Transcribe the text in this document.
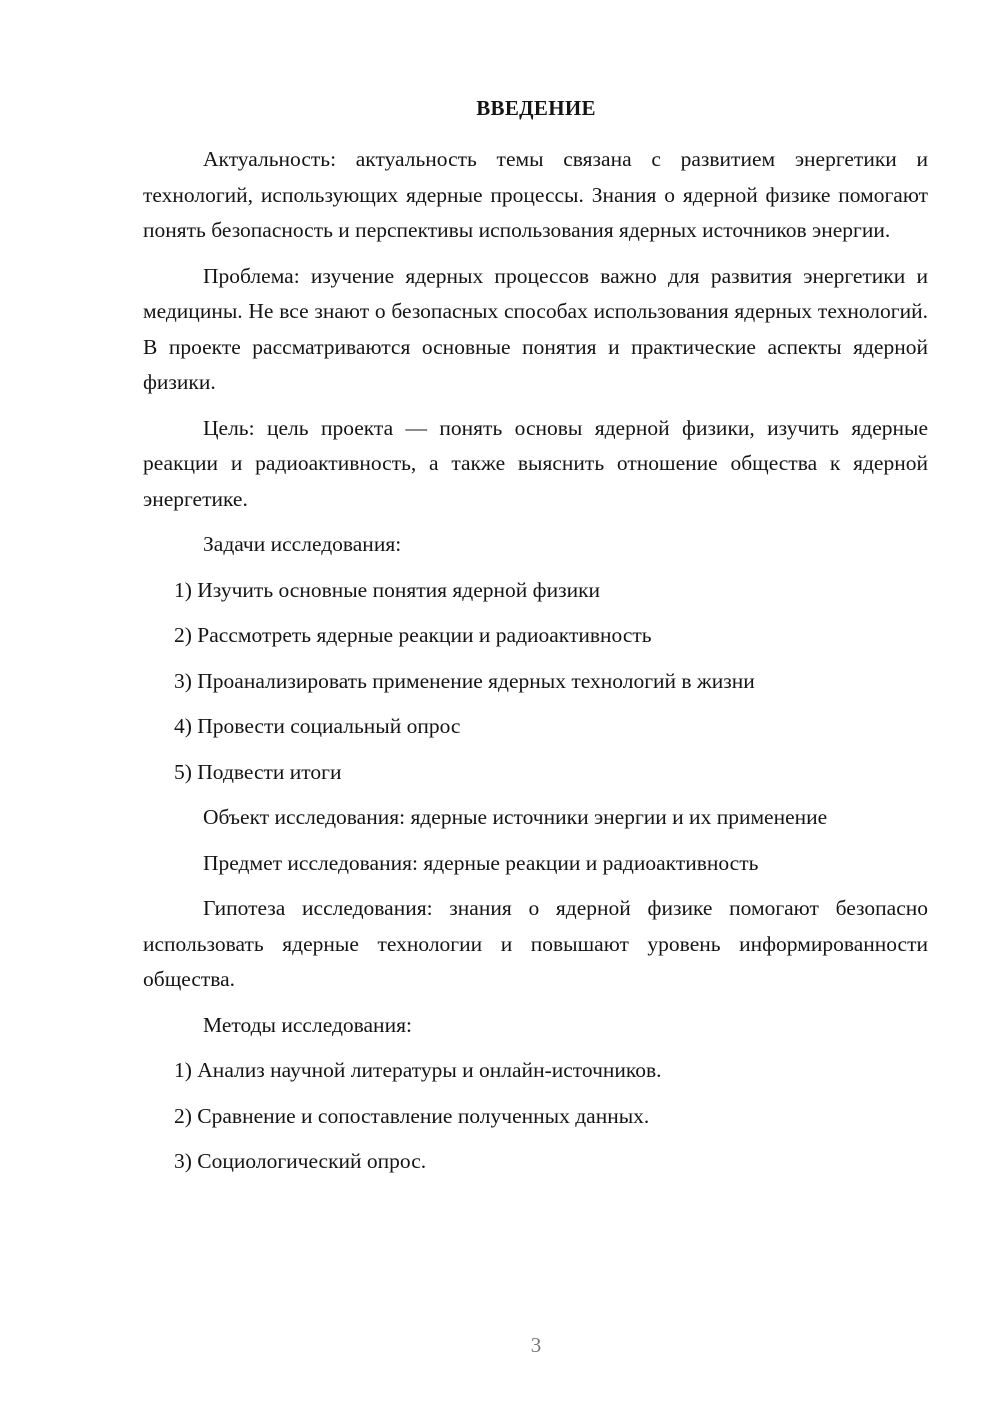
ВВЕДЕНИЕ

Актуальность: актуальность темы связана с развитием энергетики и технологий, использующих ядерные процессы. Знания о ядерной физике помогают понять безопасность и перспективы использования ядерных источников энергии.

Проблема: изучение ядерных процессов важно для развития энергетики и медицины. Не все знают о безопасных способах использования ядерных технологий. В проекте рассматриваются основные понятия и практические аспекты ядерной физики.

Цель: цель проекта — понять основы ядерной физики, изучить ядерные реакции и радиоактивность, а также выяснить отношение общества к ядерной энергетике.

Задачи исследования:

1) Изучить основные понятия ядерной физики

2) Рассмотреть ядерные реакции и радиоактивность

3) Проанализировать применение ядерных технологий в жизни

4) Провести социальный опрос

5) Подвести итоги

Объект исследования: ядерные источники энергии и их применение

Предмет исследования: ядерные реакции и радиоактивность

Гипотеза исследования: знания о ядерной физике помогают безопасно использовать ядерные технологии и повышают уровень информированности общества.

Методы исследования:

1) Анализ научной литературы и онлайн-источников.

2) Сравнение и сопоставление полученных данных.

3) Социологический опрос.

3
